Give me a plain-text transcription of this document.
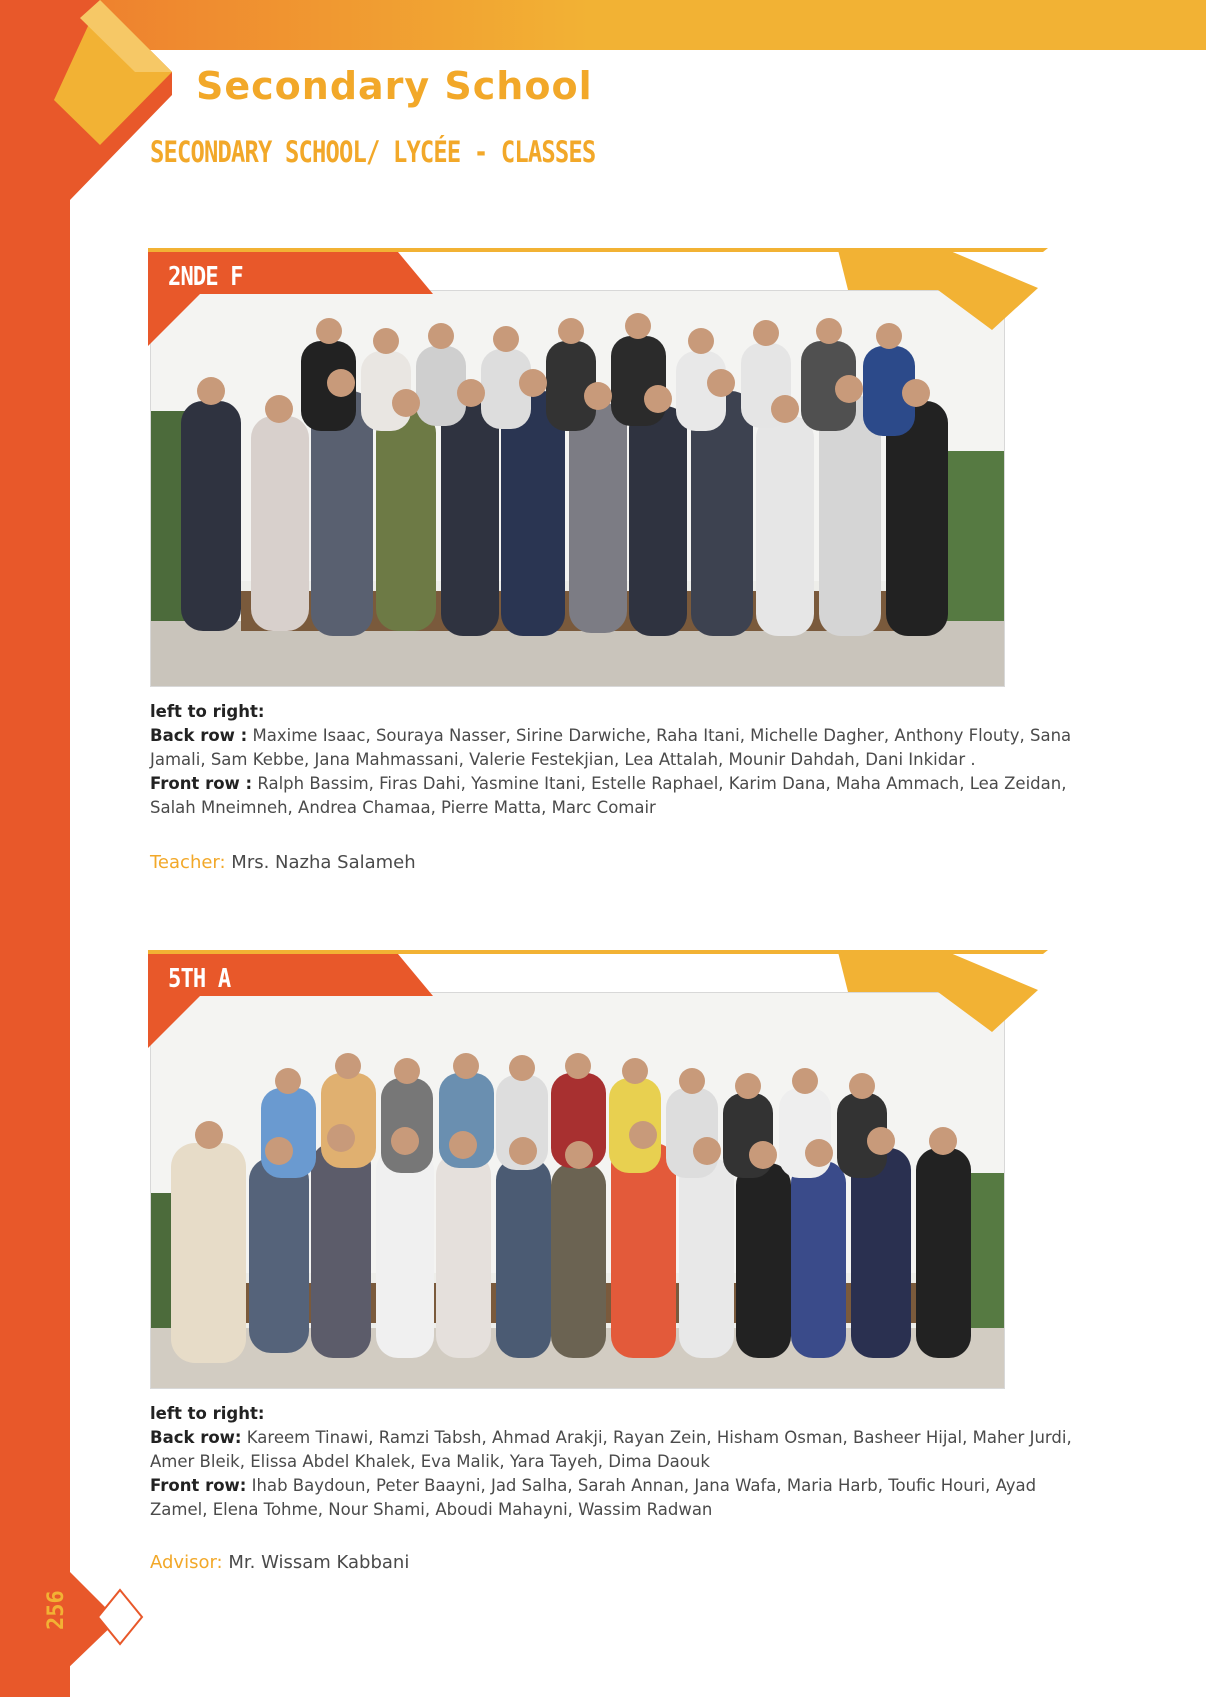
Secondary School
SECONDARY SCHOOL/ LYCÉE - CLASSES
2NDE F
left to right:
Back row : Maxime Isaac, Souraya Nasser, Sirine Darwiche, Raha Itani, Michelle Dagher, Anthony Flouty, Sana Jamali, Sam Kebbe, Jana Mahmassani, Valerie Festekjian, Lea Attalah, Mounir Dahdah, Dani Inkidar .
Front row : Ralph Bassim, Firas Dahi, Yasmine Itani, Estelle Raphael, Karim Dana, Maha Ammach, Lea Zeidan, Salah Mneimneh, Andrea Chamaa, Pierre Matta, Marc Comair
Teacher: Mrs. Nazha Salameh
5TH A
left to right:
Back row: Kareem Tinawi, Ramzi Tabsh, Ahmad Arakji, Rayan Zein, Hisham Osman, Basheer Hijal, Maher Jurdi, Amer Bleik, Elissa Abdel Khalek, Eva Malik, Yara Tayeh, Dima Daouk
Front row: Ihab Baydoun, Peter Baayni, Jad Salha, Sarah Annan, Jana Wafa, Maria Harb, Toufic Houri, Ayad Zamel, Elena Tohme, Nour Shami, Aboudi Mahayni, Wassim Radwan
Advisor: Mr. Wissam Kabbani
256
